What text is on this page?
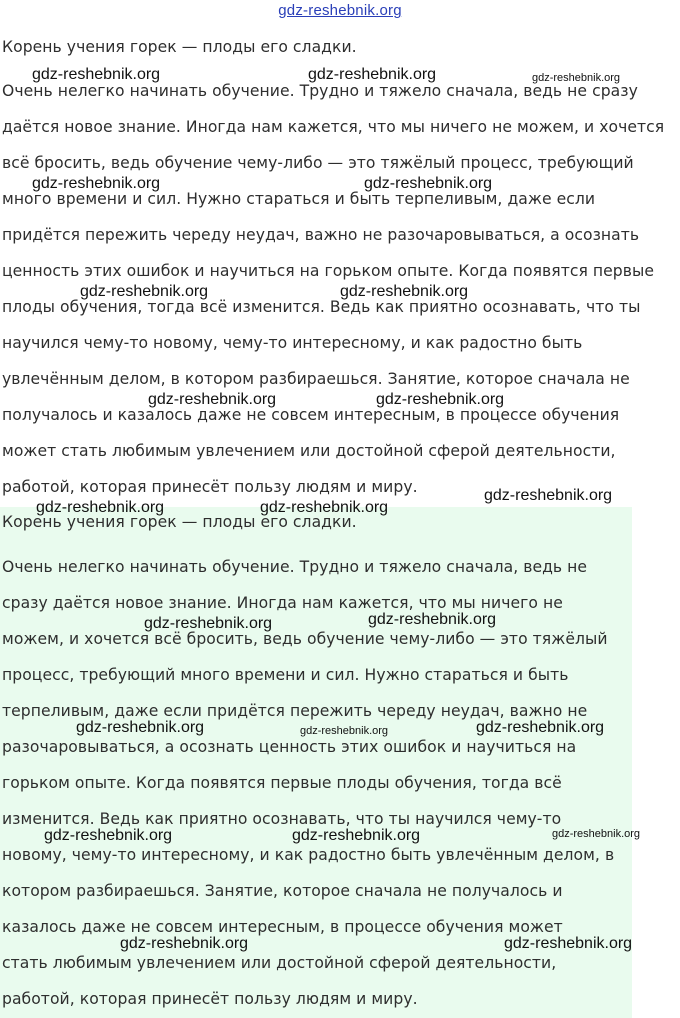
gdz-reshebnik.org
Корень учения горек — плоды его сладки.
Очень нелегко начинать обучение. Трудно и тяжело сначала, ведь не сразу
даётся новое знание. Иногда нам кажется, что мы ничего не можем, и хочется
всё бросить, ведь обучение чему-либо — это тяжёлый процесс, требующий
много времени и сил. Нужно стараться и быть терпеливым, даже если
придётся пережить череду неудач, важно не разочаровываться, а осознать
ценность этих ошибок и научиться на горьком опыте. Когда появятся первые
плоды обучения, тогда всё изменится. Ведь как приятно осознавать, что ты
научился чему-то новому, чему-то интересному, и как радостно быть
увлечённым делом, в котором разбираешься. Занятие, которое сначала не
получалось и казалось даже не совсем интересным, в процессе обучения
может стать любимым увлечением или достойной сферой деятельности,
работой, которая принесёт пользу людям и миру.
Корень учения горек — плоды его сладки.
Очень нелегко начинать обучение. Трудно и тяжело сначала, ведь не
сразу даётся новое знание. Иногда нам кажется, что мы ничего не
можем, и хочется всё бросить, ведь обучение чему-либо — это тяжёлый
процесс, требующий много времени и сил. Нужно стараться и быть
терпеливым, даже если придётся пережить череду неудач, важно не
разочаровываться, а осознать ценность этих ошибок и научиться на
горьком опыте. Когда появятся первые плоды обучения, тогда всё
изменится. Ведь как приятно осознавать, что ты научился чему-то
новому, чему-то интересному, и как радостно быть увлечённым делом, в
котором разбираешься. Занятие, которое сначала не получалось и
казалось даже не совсем интересным, в процессе обучения может
стать любимым увлечением или достойной сферой деятельности,
работой, которая принесёт пользу людям и миру.
gdz-reshebnik.org	gdz-reshebnik.org	gdz-reshebnik.org
gdz-reshebnik.org	gdz-reshebnik.org
gdz-reshebnik.org	gdz-reshebnik.org
gdz-reshebnik.org	gdz-reshebnik.org
gdz-reshebnik.org
gdz-reshebnik.org	gdz-reshebnik.org
gdz-reshebnik.org	gdz-reshebnik.org
gdz-reshebnik.org	gdz-reshebnik.org	gdz-reshebnik.org
gdz-reshebnik.org	gdz-reshebnik.org	gdz-reshebnik.org
gdz-reshebnik.org	gdz-reshebnik.org
